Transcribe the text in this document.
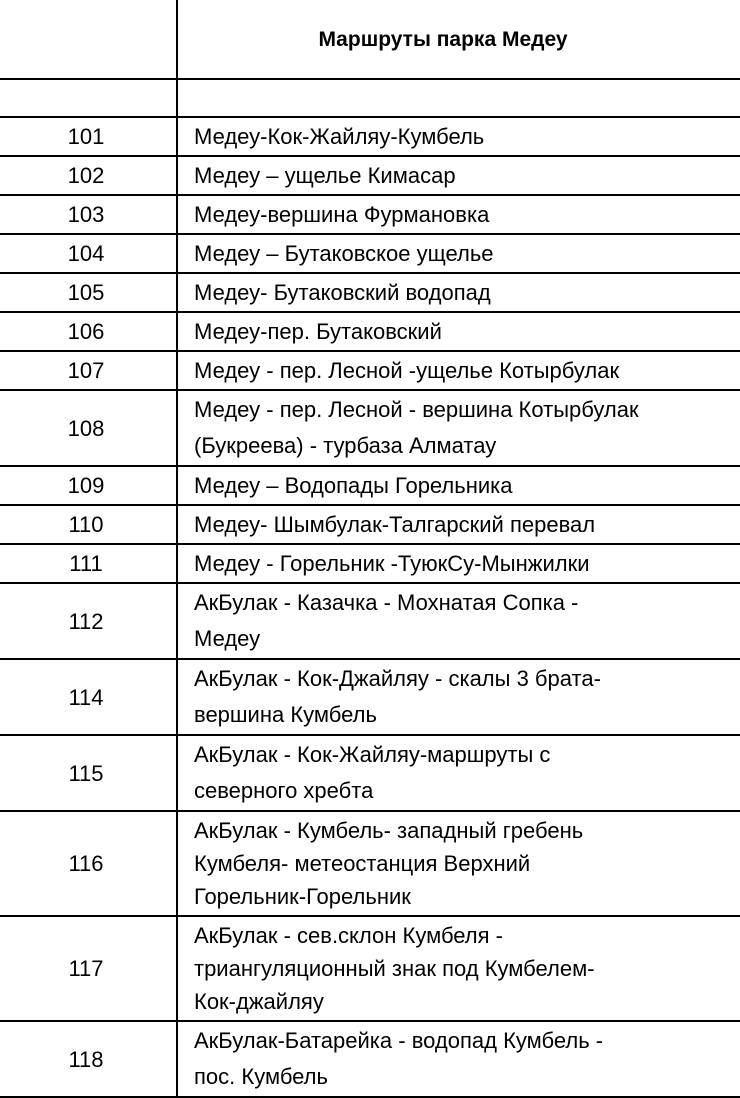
	Маршруты парка Медеу

101	Медеу-Кок-Жайляу-Кумбель

102	Медеу – ущелье Кимасар

103	Медеу-вершина Фурмановка

104	Медеу – Бутаковское ущелье

105	Медеу- Бутаковский водопад

106	Медеу-пер. Бутаковский

107	Медеу - пер. Лесной -ущелье Котырбулак

108	Медеу - пер. Лесной - вершина Котырбулак
(Букреева) - турбаза Алматау

109	Медеу – Водопады Горельника

110	Медеу- Шымбулак-Талгарский перевал

111	Медеу - Горельник -ТуюкСу-Мынжилки

112	АкБулак - Казачка - Мохнатая Сопка -
Медеу

114	АкБулак - Кок-Джайляу - скалы 3 брата-
вершина Кумбель

115	АкБулак - Кок-Жайляу-маршруты с
северного хребта

116	АкБулак - Кумбель- западный гребень
Кумбеля- метеостанция Верхний
Горельник-Горельник

117	АкБулак - сев.склон Кумбеля -
триангуляционный знак под Кумбелем-
Кок-джайляу

118	АкБулак-Батарейка - водопад Кумбель -
пос. Кумбель
